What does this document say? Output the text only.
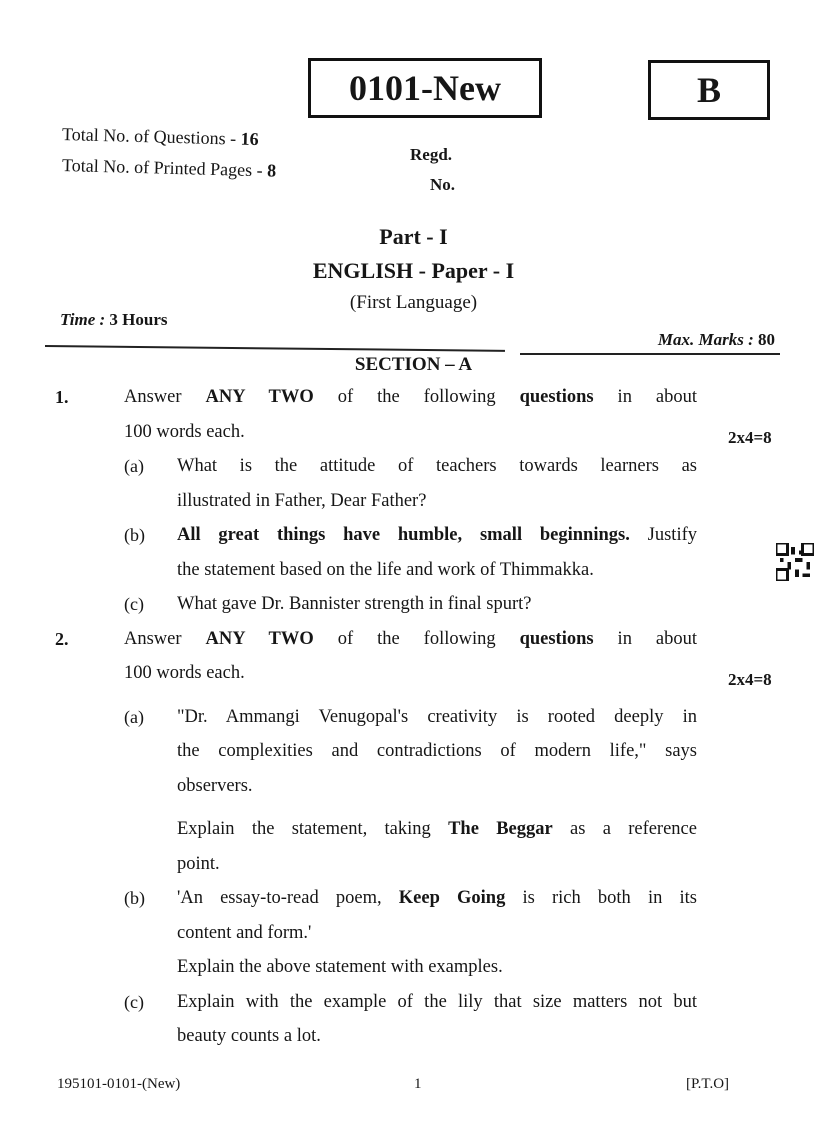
0101-New	B
Total No. of Questions - 16
Total No. of Printed Pages - 8
Regd.
No.
Part - I
ENGLISH - Paper - I
(First Language)
Time : 3 Hours
Max. Marks : 80
SECTION – A
1.
2x4=8
Answer ANY TWO of the following questions in about
100 words each.
(a) What is the attitude of teachers towards learners as
illustrated in Father, Dear Father?
(b) All great things have humble, small beginnings. Justify
the statement based on the life and work of Thimmakka.
(c) What gave Dr. Bannister strength in final spurt?
2.
2x4=8
Answer ANY TWO of the following questions in about
100 words each.
(a) "Dr. Ammangi Venugopal's creativity is rooted deeply in
the complexities and contradictions of modern life," says
observers.
Explain the statement, taking The Beggar as a reference
point.
(b) 'An essay-to-read poem, Keep Going is rich both in its
content and form.'
Explain the above statement with examples.
(c) Explain with the example of the lily that size matters not but
beauty counts a lot.
195101-0101-(New)	1	[P.T.O]
